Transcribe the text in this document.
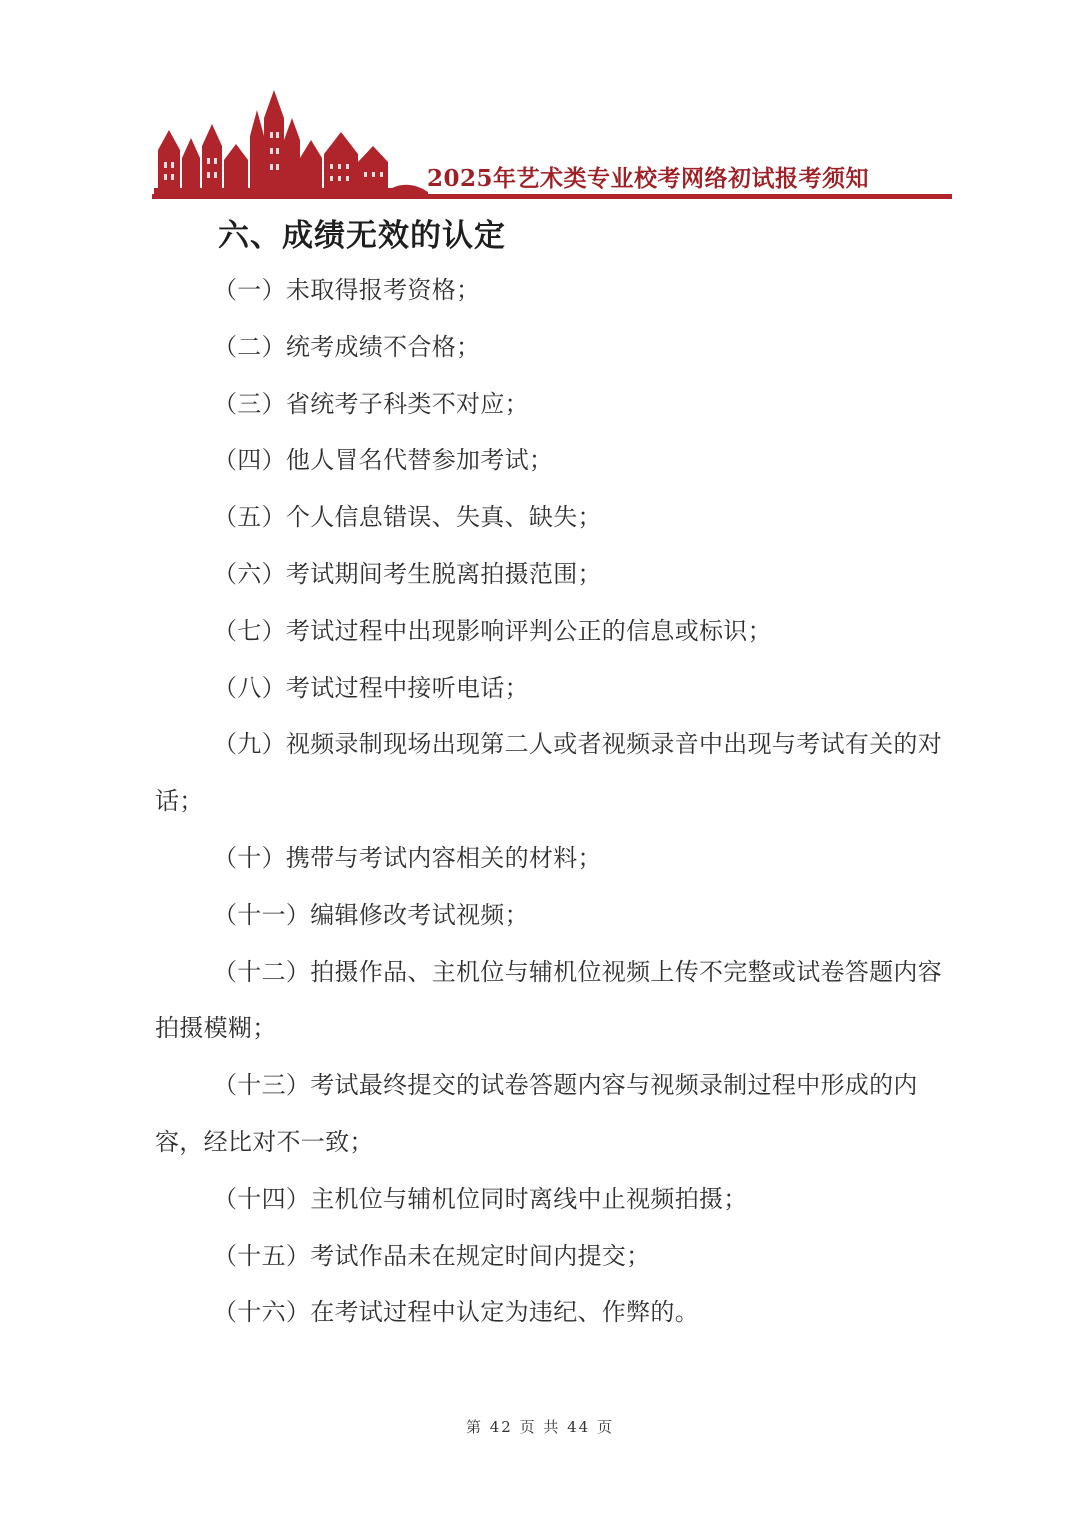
2025年艺术类专业校考网络初试报考须知
六、成绩无效的认定
（一）未取得报考资格；
（二）统考成绩不合格；
（三）省统考子科类不对应；
（四）他人冒名代替参加考试；
（五）个人信息错误、失真、缺失；
（六）考试期间考生脱离拍摄范围；
（七）考试过程中出现影响评判公正的信息或标识；
（八）考试过程中接听电话；
（九）视频录制现场出现第二人或者视频录音中出现与考试有关的对话；
（十）携带与考试内容相关的材料；
（十一）编辑修改考试视频；
（十二）拍摄作品、主机位与辅机位视频上传不完整或试卷答题内容拍摄模糊；
（十三）考试最终提交的试卷答题内容与视频录制过程中形成的内容，经比对不一致；
（十四）主机位与辅机位同时离线中止视频拍摄；
（十五）考试作品未在规定时间内提交；
（十六）在考试过程中认定为违纪、作弊的。
第 42 页 共 44 页
